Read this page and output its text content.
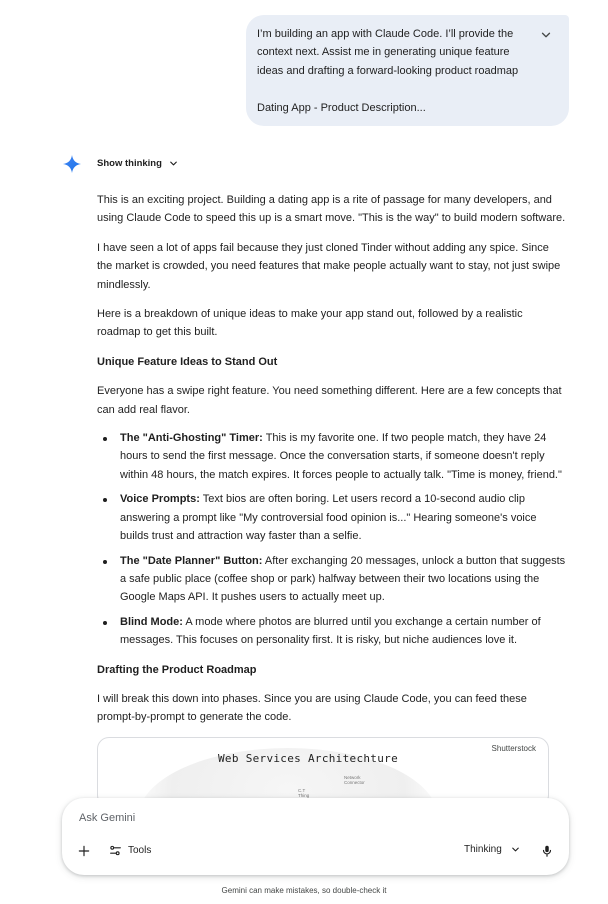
I’m building an app with Claude Code. I’ll provide the context next. Assist me in generating unique feature ideas and drafting a forward-looking product roadmap

Dating App - Product Description...
Show thinking

This is an exciting project. Building a dating app is a rite of passage for many developers, and using Claude Code to speed this up is a smart move. "This is the way" to build modern software.

I have seen a lot of apps fail because they just cloned Tinder without adding any spice. Since the market is crowded, you need features that make people actually want to stay, not just swipe mindlessly.

Here is a breakdown of unique ideas to make your app stand out, followed by a realistic roadmap to get this built.

Unique Feature Ideas to Stand Out

Everyone has a swipe right feature. You need something different. Here are a few concepts that can add real flavor.

The "Anti-Ghosting" Timer: This is my favorite one. If two people match, they have 24 hours to send the first message. Once the conversation starts, if someone doesn't reply within 48 hours, the match expires. It forces people to actually talk. "Time is money, friend."
Voice Prompts: Text bios are often boring. Let users record a 10-second audio clip answering a prompt like "My controversial food opinion is..." Hearing someone's voice builds trust and attraction way faster than a selfie.
The "Date Planner" Button: After exchanging 20 messages, unlock a button that suggests a safe public place (coffee shop or park) halfway between their two locations using the Google Maps API. It pushes users to actually meet up.
Blind Mode: A mode where photos are blurred until you exchange a certain number of messages. This focuses on personality first. It is risky, but niche audiences love it.
Drafting the Product Roadmap

I will break this down into phases. Since you are using Claude Code, you can feed these prompt-by-prompt to generate the code.

Web Services Architechture
Network
Connector
C.T
Thing
Shutterstock
Ask Gemini
Tools	Thinking
Gemini can make mistakes, so double-check it
